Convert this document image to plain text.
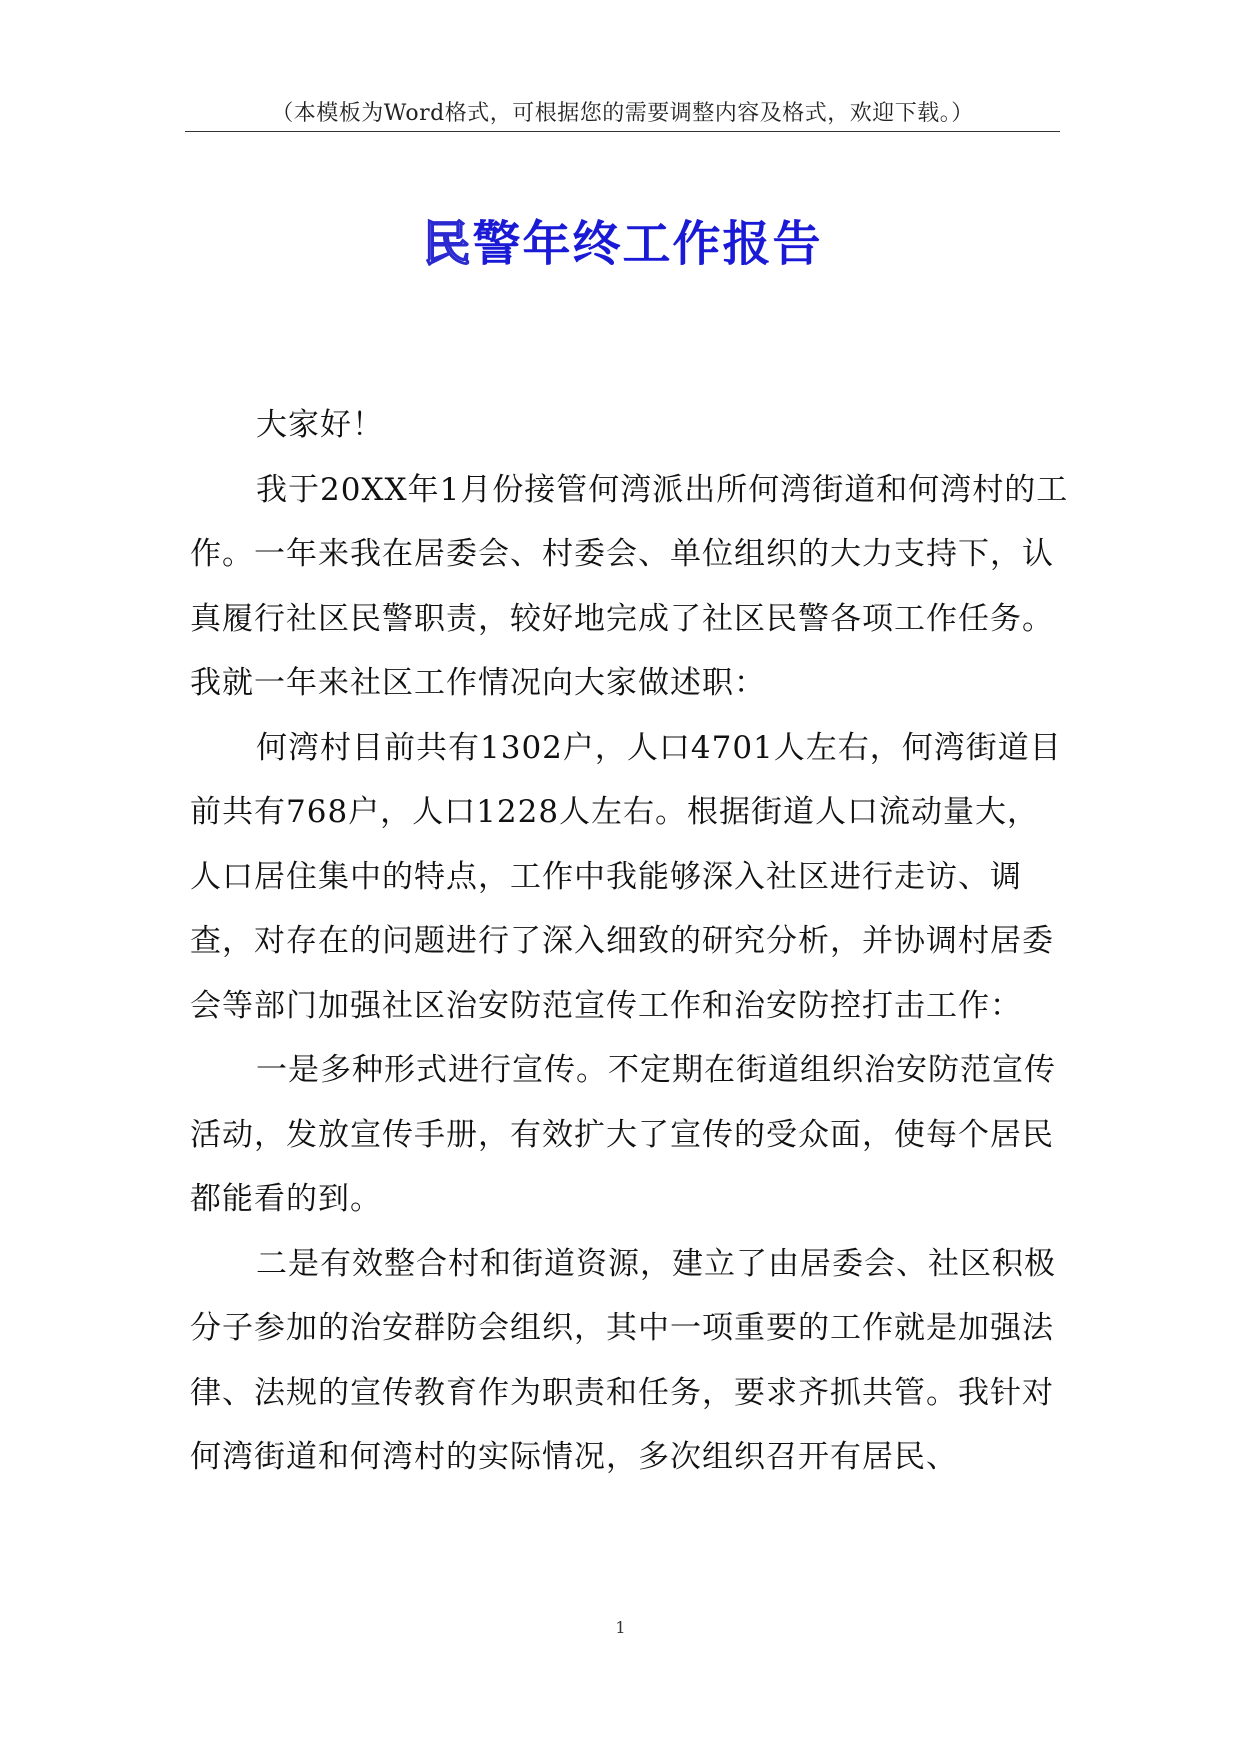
（本模板为Word格式，可根据您的需要调整内容及格式，欢迎下载。）
民警年终工作报告

大家好！

我于20XX年1月份接管何湾派出所何湾街道和何湾村的工作。一年来我在居委会、村委会、单位组织的大力支持下，认真履行社区民警职责，较好地完成了社区民警各项工作任务。我就一年来社区工作情况向大家做述职：

何湾村目前共有1302户，人口4701人左右，何湾街道目前共有768户，人口1228人左右。根据街道人口流动量大，人口居住集中的特点，工作中我能够深入社区进行走访、调查，对存在的问题进行了深入细致的研究分析，并协调村居委会等部门加强社区治安防范宣传工作和治安防控打击工作：

一是多种形式进行宣传。不定期在街道组织治安防范宣传活动，发放宣传手册，有效扩大了宣传的受众面，使每个居民都能看的到。

二是有效整合村和街道资源，建立了由居委会、社区积极分子参加的治安群防会组织，其中一项重要的工作就是加强法律、法规的宣传教育作为职责和任务，要求齐抓共管。我针对何湾街道和何湾村的实际情况，多次组织召开有居民、

1
